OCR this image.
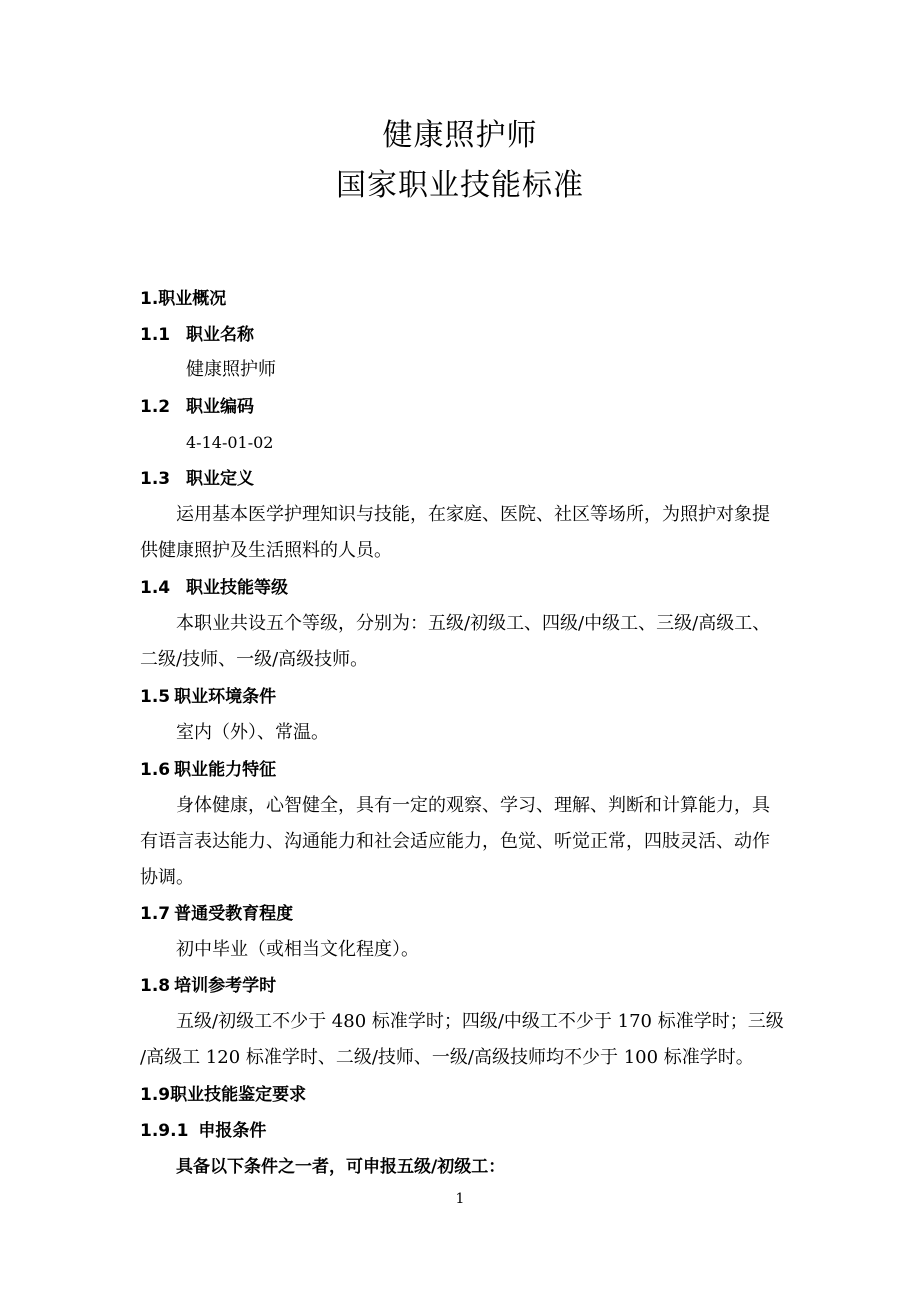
健康照护师
国家职业技能标准
1.职业概况
1.1 职业名称
健康照护师
1.2 职业编码
4-14-01-02
1.3 职业定义
运用基本医学护理知识与技能，在家庭、医院、社区等场所，为照护对象提
供健康照护及生活照料的人员。
1.4 职业技能等级
本职业共设五个等级，分别为：五级/初级工、四级/中级工、三级/高级工、
二级/技师、一级/高级技师。
1.5 职业环境条件
室内（外）、常温。
1.6 职业能力特征
身体健康，心智健全，具有一定的观察、学习、理解、判断和计算能力，具
有语言表达能力、沟通能力和社会适应能力，色觉、听觉正常，四肢灵活、动作
协调。
1.7 普通受教育程度
初中毕业（或相当文化程度）。
1.8 培训参考学时
五级/初级工不少于 480 标准学时；四级/中级工不少于 170 标准学时；三级
/高级工 120 标准学时、二级/技师、一级/高级技师均不少于 100 标准学时。
1.9职业技能鉴定要求
1.9.1 申报条件
具备以下条件之一者，可申报五级/初级工：
1
